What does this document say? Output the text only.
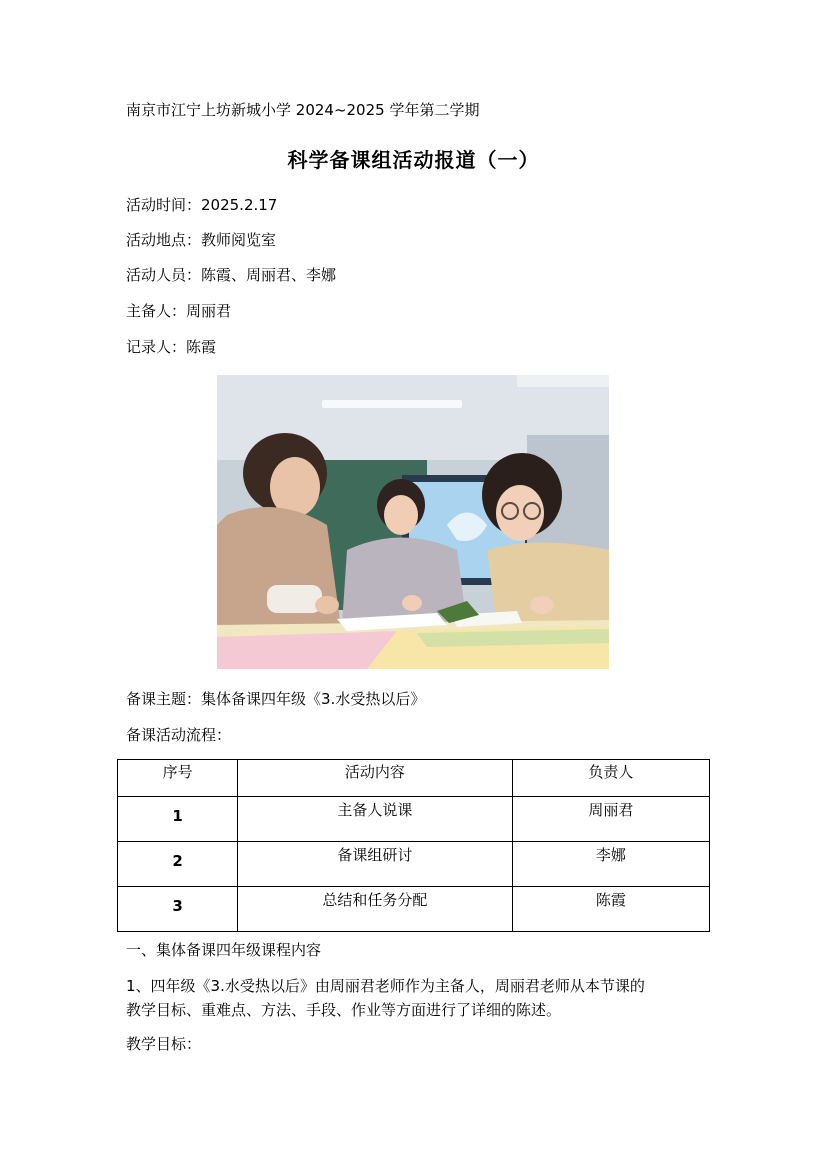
南京市江宁上坊新城小学 2024~2025 学年第二学期
科学备课组活动报道（一）
活动时间：2025.2.17
活动地点：教师阅览室
活动人员：陈霞、周丽君、李娜
主备人：周丽君
记录人：陈霞
备课主题：集体备课四年级《3.水受热以后》
备课活动流程：
序号	活动内容	负责人
1	主备人说课	周丽君
2	备课组研讨	李娜
3	总结和任务分配	陈霞
一、集体备课四年级课程内容
1、四年级《3.水受热以后》由周丽君老师作为主备人，周丽君老师从本节课的
教学目标、重难点、方法、手段、作业等方面进行了详细的陈述。
教学目标：
